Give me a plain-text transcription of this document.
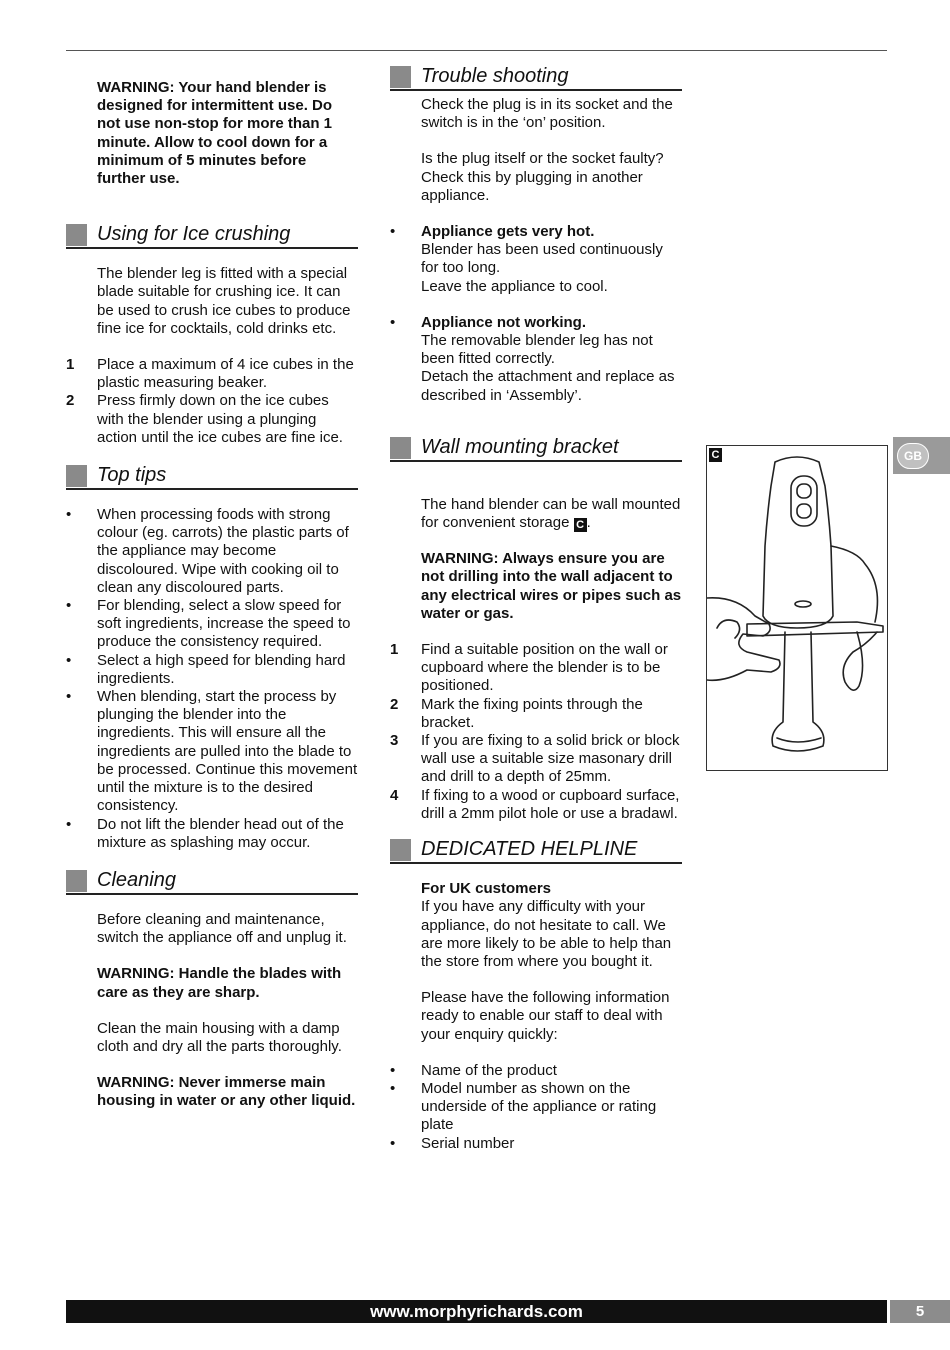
WARNING: Your hand blender is designed for intermittent use. Do not use non-stop for more than 1 minute. Allow to cool down for a minimum of 5 minutes before further use.

Using for Ice crushing

The blender leg is fitted with a special blade suitable for crushing ice. It can be used to crush ice cubes to produce fine ice for cocktails, cold drinks etc.

1 Place a maximum of 4 ice cubes in the plastic measuring beaker.
2 Press firmly down on the ice cubes with the blender using a plunging action until the ice cubes are fine ice.
Top tips
• When processing foods with strong colour (eg. carrots) the plastic parts of the appliance may become discoloured. Wipe with cooking oil to clean any discoloured parts.
• For blending, select a slow speed for soft ingredients, increase the speed to produce the consistency required.
• Select a high speed for blending hard ingredients.
• When blending, start the process by plunging the blender into the ingredients. This will ensure all the ingredients are pulled into the blade to be processed. Continue this movement until the mixture is to the desired consistency.
• Do not lift the blender head out of the mixture as splashing may occur.
Cleaning

Before cleaning and maintenance, switch the appliance off and unplug it.

WARNING: Handle the blades with care as they are sharp.

Clean the main housing with a damp cloth and dry all the parts thoroughly.

WARNING: Never immerse main housing in water or any other liquid.

Trouble shooting

Check the plug is in its socket and the switch is in the ‘on’ position.

Is the plug itself or the socket faulty? Check this by plugging in another appliance.

• Appliance gets very hot.
Blender has been used continuously for too long.
Leave the appliance to cool.
• Appliance not working.
The removable blender leg has not been fitted correctly.
Detach the attachment and replace as described in ‘Assembly’.
Wall mounting bracket

The hand blender can be wall mounted for convenient storage C .

WARNING: Always ensure you are not drilling into the wall adjacent to any electrical wires or pipes such as water or gas.

1 Find a suitable position on the wall or cupboard where the blender is to be positioned.
2 Mark the fixing points through the bracket.
3 If you are fixing to a solid brick or block wall use a suitable size masonary drill and drill to a depth of 25mm.
4 If fixing to a wood or cupboard surface, drill a 2mm pilot hole or use a bradawl.
DEDICATED HELPLINE

For UK customers

If you have any difficulty with your appliance, do not hesitate to call. We are more likely to be able to help than the store from where you bought it.

Please have the following information ready to enable our staff to deal with your enquiry quickly:

• Name of the product
• Model number as shown on the underside of the appliance or rating plate
• Serial number
C	GB
www.morphyrichards.com	5
